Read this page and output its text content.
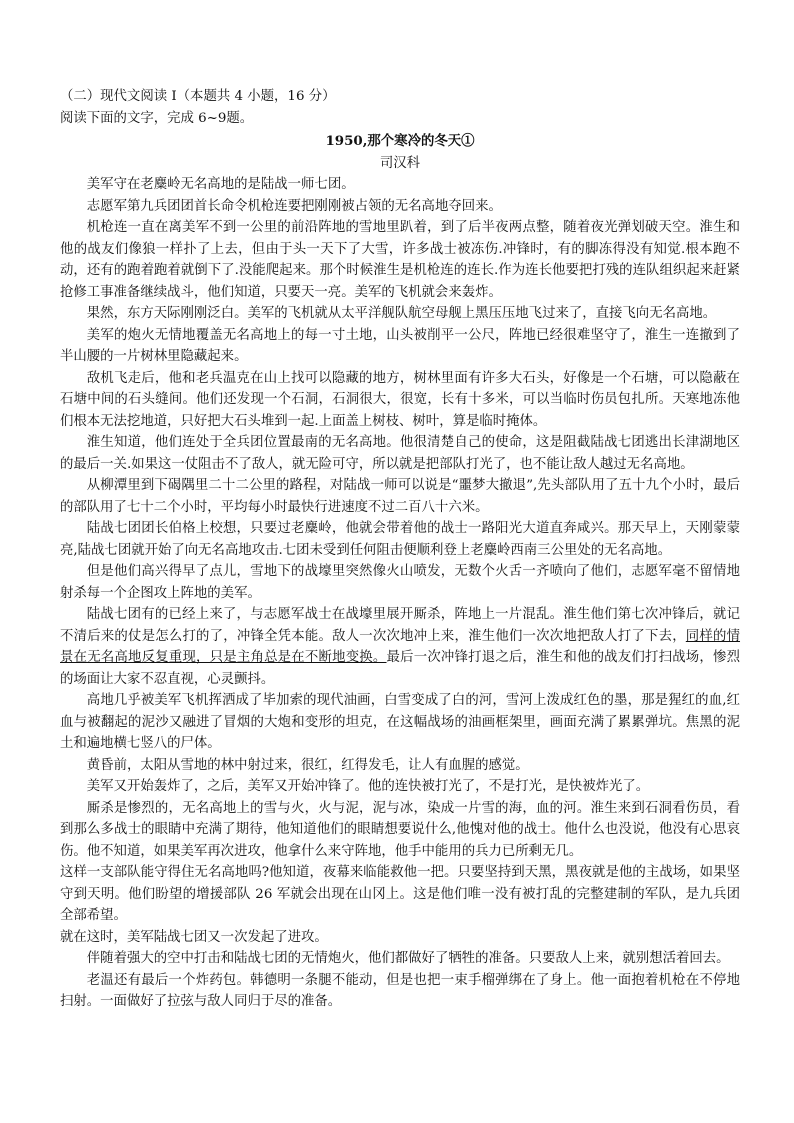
（二）现代文阅读 I（本题共 4 小题，16 分）

阅读下面的文字，完成 6~9题。

1950,那个寒冷的冬天①

司汉科

美军守在老麋岭无名高地的是陆战一师七团。

志愿军第九兵团团首长命令机枪连要把刚刚被占领的无名高地夺回来。

机枪连一直在离美军不到一公里的前沿阵地的雪地里趴着，到了后半夜两点整，随着夜光弹划破天空。淮生和他的战友们像狼一样扑了上去，但由于头一天下了大雪，许多战士被冻伤.冲锋时，有的脚冻得没有知觉.根本跑不动，还有的跑着跑着就倒下了.没能爬起来。那个时候淮生是机枪连的连长.作为连长他要把打残的连队组织起来赶紧抢修工事准备继续战斗，他们知道，只要天一亮。美军的飞机就会来轰炸。

果然，东方天际刚刚泛白。美军的飞机就从太平洋舰队航空母舰上黑压压地飞过来了，直接飞向无名高地。

美军的炮火无情地覆盖无名高地上的每一寸土地，山头被削平一公尺，阵地已经很难坚守了，淮生一连撤到了半山腰的一片树林里隐藏起来。

敌机飞走后，他和老兵温克在山上找可以隐藏的地方，树林里面有许多大石头，好像是一个石塘，可以隐蔽在石塘中间的石头缝间。他们还发现一个石洞，石洞很大，很宽，长有十多米，可以当临时伤员包扎所。天寒地冻他们根本无法挖地道，只好把大石头堆到一起.上面盖上树枝、树叶，算是临时掩体。

淮生知道，他们连处于全兵团位置最南的无名高地。他很清楚自己的使命，这是阻截陆战七团逃出长津湖地区的最后一关.如果这一仗阻击不了敌人，就无险可守，所以就是把部队打光了，也不能让敌人越过无名高地。

从柳潭里到下碣隅里二十二公里的路程，对陆战一师可以说是“噩梦大撤退”,先头部队用了五十九个小时，最后的部队用了七十二个小时，平均每小时最快行进速度不过二百八十六米。

陆战七团团长伯格上校想，只要过老麋岭，他就会带着他的战士一路阳光大道直奔咸兴。那天早上，天刚蒙蒙亮,陆战七团就开始了向无名高地攻击.七团未受到任何阻击便顺利登上老麋岭西南三公里处的无名高地。

但是他们高兴得早了点儿，雪地下的战壕里突然像火山喷发，无数个火舌一齐喷向了他们，志愿军毫不留情地射杀每一个企图攻上阵地的美军。

陆战七团有的已经上来了，与志愿军战士在战壕里展开厮杀，阵地上一片混乱。淮生他们第七次冲锋后，就记不清后来的仗是怎么打的了，冲锋全凭本能。敌人一次次地冲上来，淮生他们一次次地把敌人打了下去，同样的情景在无名高地反复重现，只是主角总是在不断地变换。最后一次冲锋打退之后，淮生和他的战友们打扫战场，惨烈的场面让大家不忍直视，心灵颤抖。

高地几乎被美军飞机挥洒成了毕加索的现代油画，白雪变成了白的河，雪河上泼成红色的墨，那是猩红的血,红血与被翻起的泥沙又融进了冒烟的大炮和变形的坦克，在这幅战场的油画框架里，画面充满了累累弹坑。焦黑的泥土和遍地横七竖八的尸体。

黄昏前，太阳从雪地的林中射过来，很红，红得发毛，让人有血腥的感觉。

美军又开始轰炸了，之后，美军又开始冲锋了。他的连快被打光了，不是打光，是快被炸光了。

厮杀是惨烈的，无名高地上的雪与火，火与泥，泥与冰，染成一片雪的海，血的河。淮生来到石洞看伤员，看到那么多战士的眼睛中充满了期待，他知道他们的眼睛想要说什么,他愧对他的战士。他什么也没说，他没有心思哀伤。他不知道，如果美军再次进攻，他拿什么来守阵地，他手中能用的兵力已所剩无几。

这样一支部队能守得住无名高地吗?他知道，夜幕来临能救他一把。只要坚持到天黑，黑夜就是他的主战场，如果坚守到天明。他们盼望的增援部队 26 军就会出现在山冈上。这是他们唯一没有被打乱的完整建制的军队，是九兵团全部希望。

就在这时，美军陆战七团又一次发起了进攻。

伴随着强大的空中打击和陆战七团的无情炮火，他们都做好了牺牲的准备。只要敌人上来，就别想活着回去。

老温还有最后一个炸药包。韩德明一条腿不能动，但是也把一束手榴弹绑在了身上。他一面抱着机枪在不停地扫射。一面做好了拉弦与敌人同归于尽的准备。
